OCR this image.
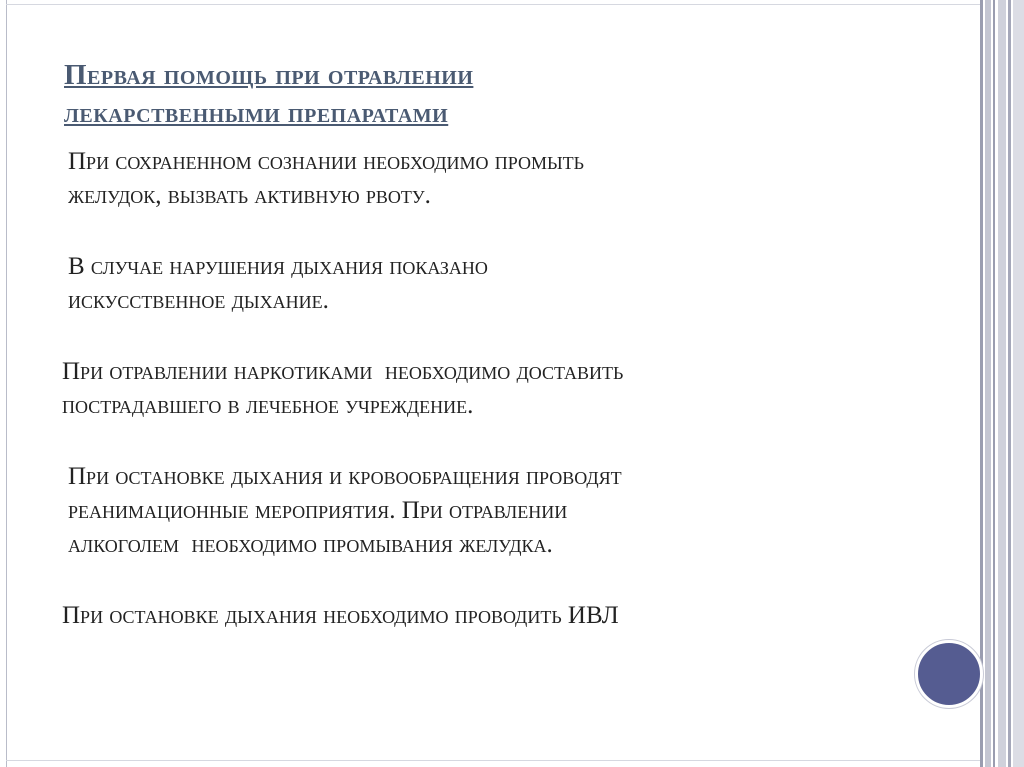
Первая помощь при отравлении
лекарственными препаратами

При сохраненном сознании необходимо промыть
желудок, вызвать активную рвоту.

В случае нарушения дыхания показано
искусственное дыхание.

При отравлении наркотиками  необходимо доставить
пострадавшего в лечебное учреждение.

При остановке дыхания и кровообращения проводят
реанимационные мероприятия. При отравлении
алкоголем  необходимо промывания желудка.

При остановке дыхания необходимо проводить ИВЛ
